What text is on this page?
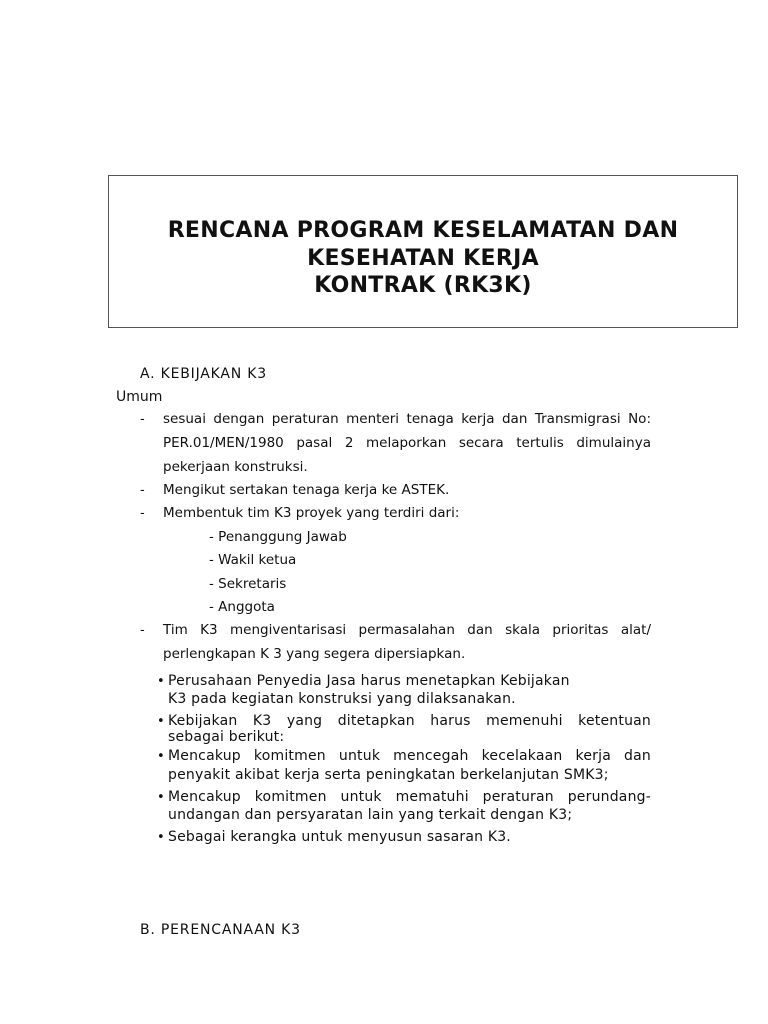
RENCANA PROGRAM KESELAMATAN DAN
KESEHATAN KERJA
KONTRAK (RK3K)
A. KEBIJAKAN K3
Umum
- sesuai dengan peraturan menteri tenaga kerja dan Transmigrasi No:
PER.01/MEN/1980 pasal 2 melaporkan secara tertulis dimulainya
pekerjaan konstruksi.
- Mengikut sertakan tenaga kerja ke ASTEK.
- Membentuk tim K3 proyek yang terdiri dari:
- Penanggung Jawab
- Wakil ketua
- Sekretaris
- Anggota
- Tim K3 mengiventarisasi permasalahan dan skala prioritas alat/
perlengkapan K 3 yang segera dipersiapkan.
• Perusahaan Penyedia Jasa harus menetapkan Kebijakan
K3 pada kegiatan konstruksi yang dilaksanakan.
• Kebijakan K3 yang ditetapkan harus memenuhi ketentuan
sebagai berikut:
• Mencakup komitmen untuk mencegah kecelakaan kerja dan
penyakit akibat kerja serta peningkatan berkelanjutan SMK3;
• Mencakup komitmen untuk mematuhi peraturan perundang-
undangan dan persyaratan lain yang terkait dengan K3;
• Sebagai kerangka untuk menyusun sasaran K3.
B. PERENCANAAN K3
